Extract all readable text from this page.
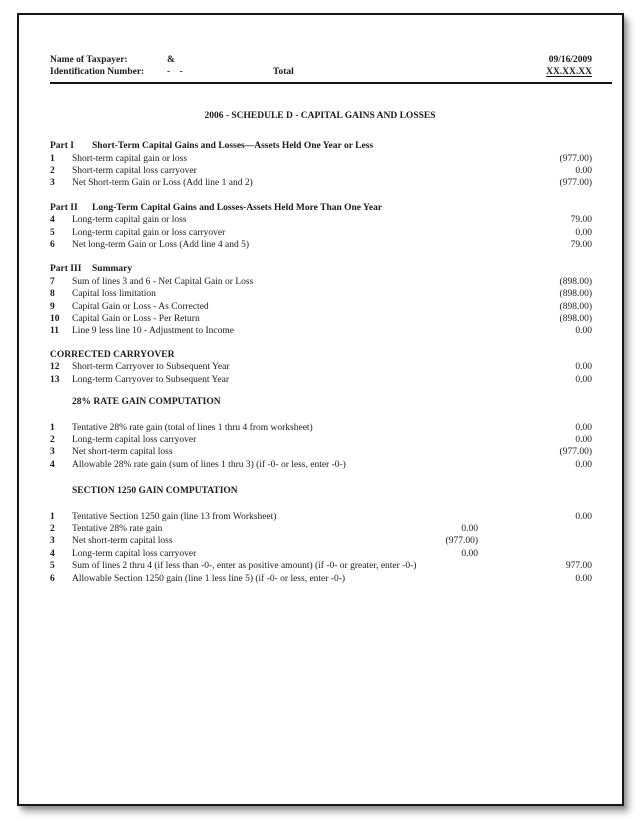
Name of Taxpayer:	&	09/16/2009
Identification Number: -    -	Total	XX.XX.XX
2006 - SCHEDULE D - CAPITAL GAINS AND LOSSES
Part I Short-Term Capital Gains and Losses—Assets Held One Year or Less
1	Short-term capital gain or loss	(977.00)
2	Short-term capital loss carryover	0.00
3	Net Short-term Gain or Loss (Add line 1 and 2)	(977.00)
Part II Long-Term Capital Gains and Losses-Assets Held More Than One Year
4	Long-term capital gain or loss	79.00
5	Long-term capital gain or loss carryover	0.00
6	Net long-term Gain or Loss (Add line 4 and 5)	79.00
Part III Summary
7	Sum of lines 3 and 6 - Net Capital Gain or Loss	(898.00)
8	Capital loss limitation	(898.00)
9	Capital Gain or Loss - As Corrected	(898.00)
10	Capital Gain or Loss - Per Return	(898.00)
11	Line 9 less line 10 - Adjustment to Income	0.00
CORRECTED CARRYOVER
12	Short-term Carryover to Subsequent Year	0.00
13	Long-term Carryover to Subsequent Year	0.00
28% RATE GAIN COMPUTATION
1	Tentative 28% rate gain (total of lines 1 thru 4 from worksheet)	0.00
2	Long-term capital loss carryover	0.00
3	Net short-term capital loss	(977.00)
4	Allowable 28% rate gain (sum of lines 1 thru 3) (if -0- or less, enter -0-)	0.00
SECTION 1250 GAIN COMPUTATION
1	Tentative Section 1250 gain (line 13 from Worksheet)	0.00
2	Tentative 28% rate gain	0.00
3	Net short-term capital loss	(977.00)
4	Long-term capital loss carryover	0.00
5	Sum of lines 2 thru 4 (if less than -0-, enter as positive amount) (if -0- or greater, enter -0-)	977.00
6	Allowable Section 1250 gain (line 1 less line 5) (if -0- or less, enter -0-)	0.00
